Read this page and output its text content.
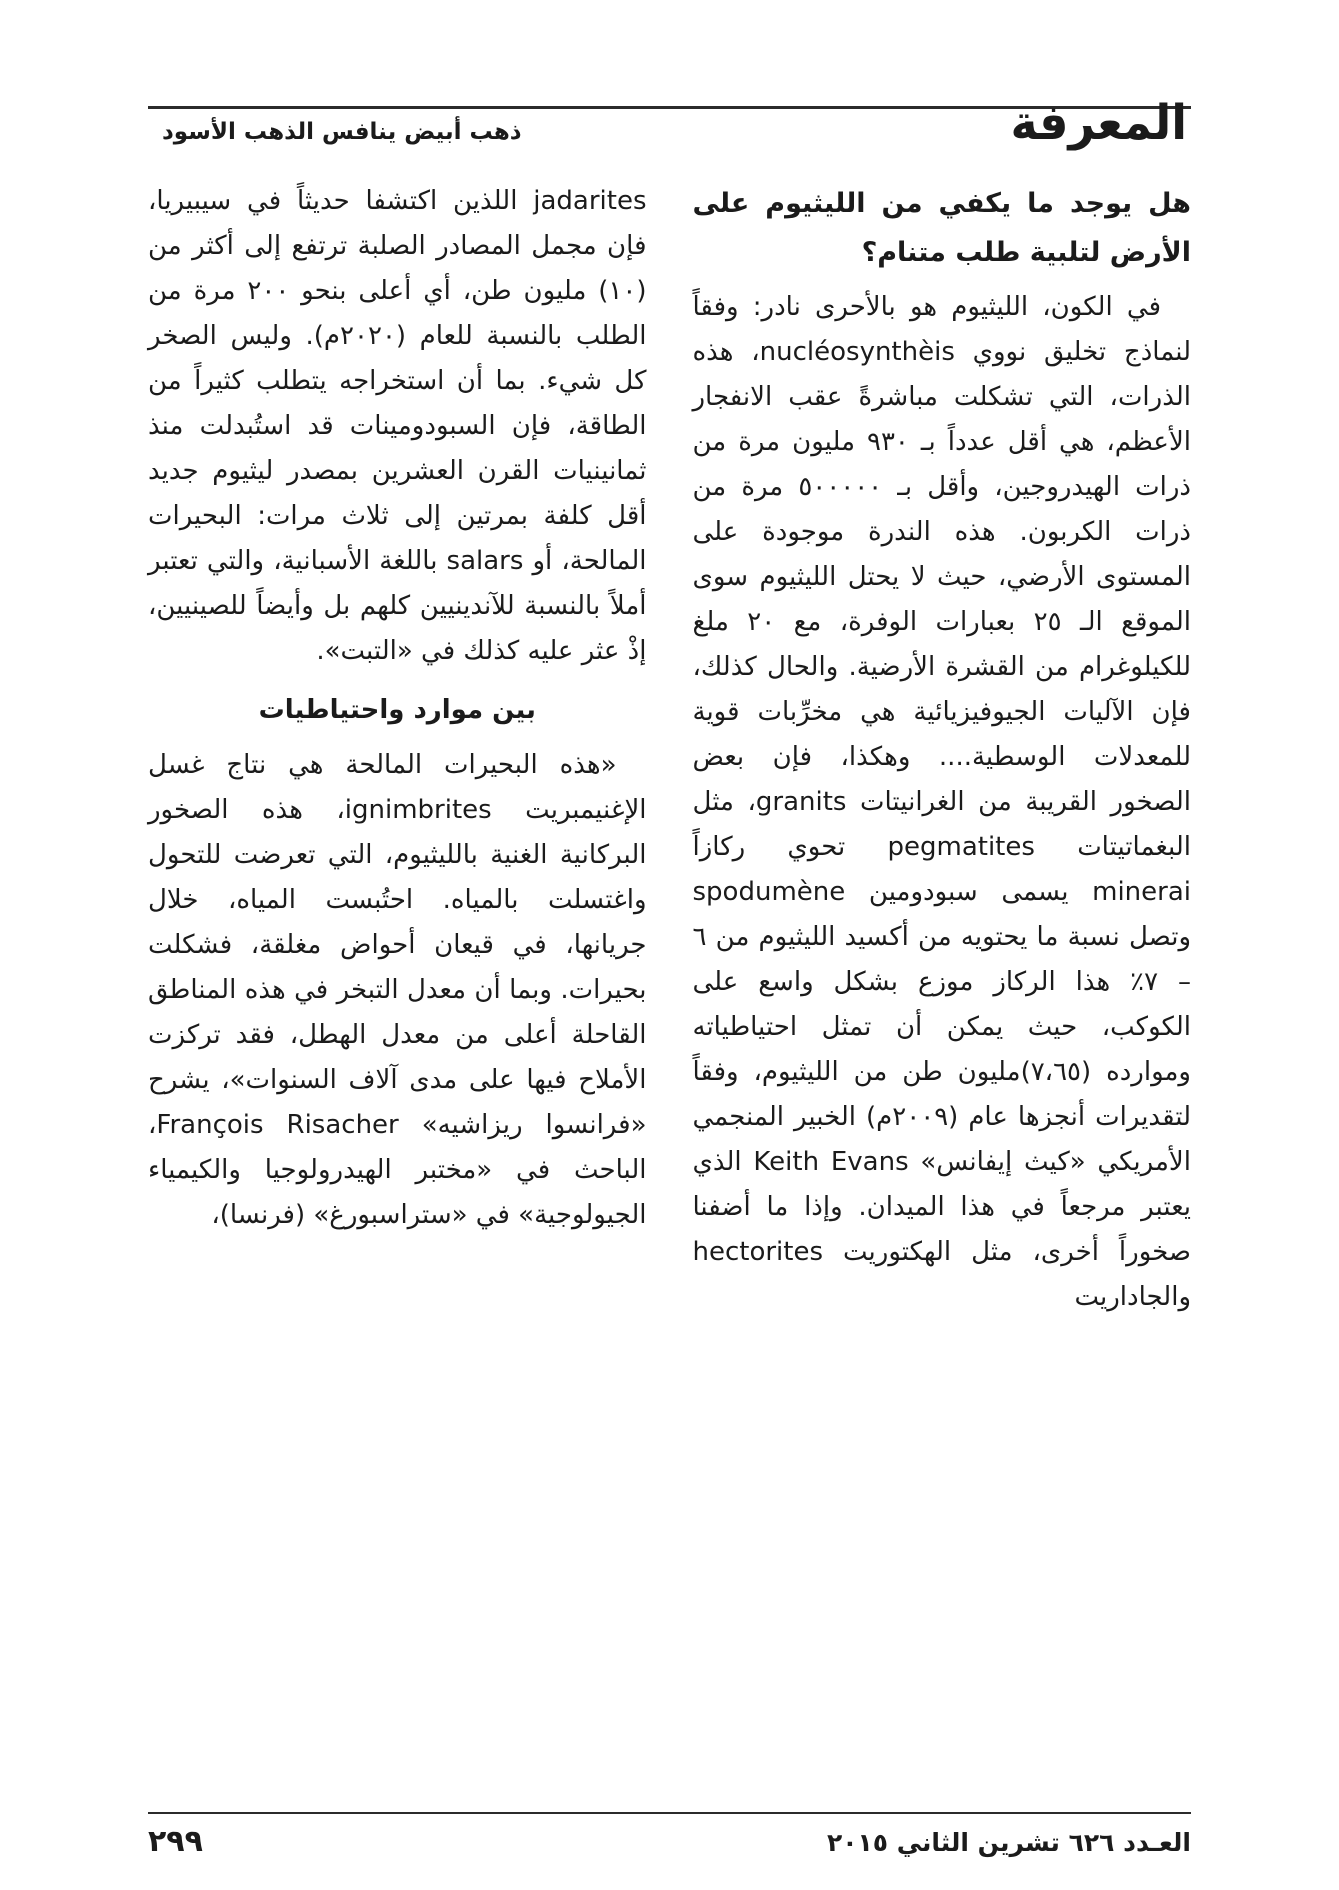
المعرفة
ذهب أبيض ينافس الذهب الأسود
هل يوجد ما يكفي من الليثيوم على الأرض لتلبية طلب متنام؟

في الكون، الليثيوم هو بالأحرى نادر: وفقاً لنماذج تخليق نووي nucléosynthèis، هذه الذرات، التي تشكلت مباشرةً عقب الانفجار الأعظم، هي أقل عدداً بـ ٩٣٠ مليون مرة من ذرات الهيدروجين، وأقل بـ ٥٠٠٠٠٠ مرة من ذرات الكربون. هذه الندرة موجودة على المستوى الأرضي، حيث لا يحتل الليثيوم سوى الموقع الـ ٢٥ بعبارات الوفرة، مع ٢٠ ملغ للكيلوغرام من القشرة الأرضية. والحال كذلك، فإن الآليات الجيوفيزيائية هي مخرِّبات قوية للمعدلات الوسطية.... وهكذا، فإن بعض الصخور القريبة من الغرانيتات granits، مثل البغماتيتات pegmatites تحوي ركازاً minerai يسمى سبودومين spodumène وتصل نسبة ما يحتويه من أكسيد الليثيوم من ٦ – ٧٪ هذا الركاز موزع بشكل واسع على الكوكب، حيث يمكن أن تمثل احتياطياته وموارده (٧،٦٥)مليون طن من الليثيوم، وفقاً لتقديرات أنجزها عام (٢٠٠٩م) الخبير المنجمي الأمريكي «كيث إيفانس» Keith Evans الذي يعتبر مرجعاً في هذا الميدان. وإذا ما أضفنا صخوراً أخرى، مثل الهكتوريت hectorites والجاداريت

jadarites اللذين اكتشفا حديثاً في سيبيريا، فإن مجمل المصادر الصلبة ترتفع إلى أكثر من (١٠) مليون طن، أي أعلى بنحو ٢٠٠ مرة من الطلب بالنسبة للعام (٢٠٢٠م). وليس الصخر كل شيء. بما أن استخراجه يتطلب كثيراً من الطاقة، فإن السبودومينات قد استُبدلت منذ ثمانينيات القرن العشرين بمصدر ليثيوم جديد أقل كلفة بمرتين إلى ثلاث مرات: البحيرات المالحة، أو salars باللغة الأسبانية، والتي تعتبر أملاً بالنسبة للآندينيين كلهم بل وأيضاً للصينيين، إذْ عثر عليه كذلك في «التبت».

بين موارد واحتياطيات

«هذه البحيرات المالحة هي نتاج غسل الإغنيمبريت ignimbrites، هذه الصخور البركانية الغنية بالليثيوم، التي تعرضت للتحول واغتسلت بالمياه. احتُبست المياه، خلال جريانها، في قيعان أحواض مغلقة، فشكلت بحيرات. وبما أن معدل التبخر في هذه المناطق القاحلة أعلى من معدل الهطل، فقد تركزت الأملاح فيها على مدى آلاف السنوات»، يشرح «فرانسوا ريزاشيه» François Risacher، الباحث في «مختبر الهيدرولوجيا والكيمياء الجيولوجية» في «ستراسبورغ» (فرنسا)،

العـدد ٦٢٦ تشرين الثاني ٢٠١٥
٢٩٩
